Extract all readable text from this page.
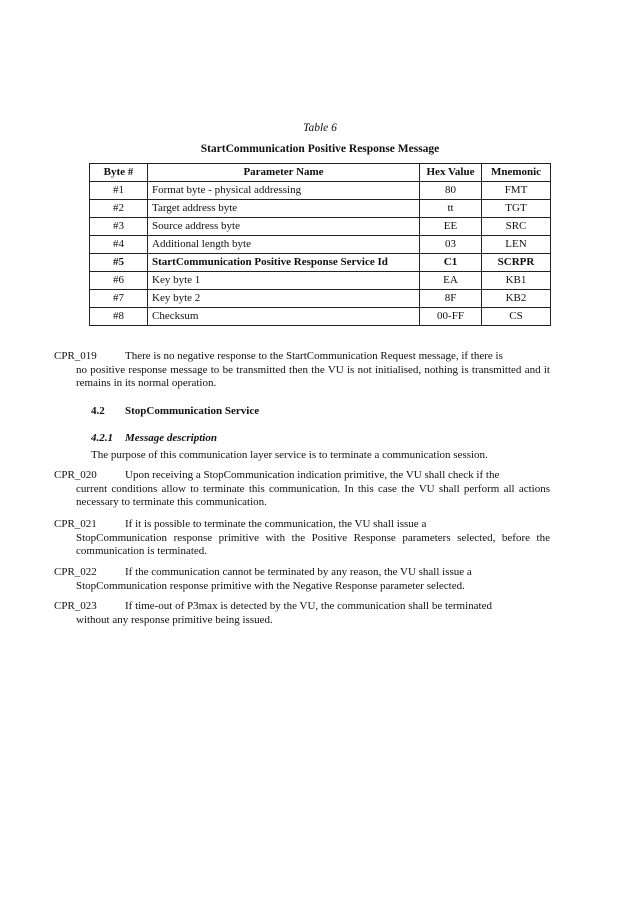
Table 6
StartCommunication Positive Response Message
Byte #	Parameter Name	Hex Value	Mnemonic
#1	Format byte - physical addressing	80	FMT
#2	Target address byte	tt	TGT
#3	Source address byte	EE	SRC
#4	Additional length byte	03	LEN
#5	StartCommunication Positive Response Service Id	C1	SCRPR
#6	Key byte 1	EA	KB1
#7	Key byte 2	8F	KB2
#8	Checksum	00-FF	CS
CPR_019	There is no negative response to the StartCommunication Request message, if there is
no positive response message to be transmitted then the VU is not initialised, nothing is transmitted and it remains in its normal operation.
4.2 StopCommunication Service
4.2.1 Message description
The purpose of this communication layer service is to terminate a communication session.
CPR_020	Upon receiving a StopCommunication indication primitive, the VU shall check if the
current conditions allow to terminate this communication. In this case the VU shall perform all actions necessary to terminate this communication.
CPR_021	If it is possible to terminate the communication, the VU shall issue a
StopCommunication response primitive with the Positive Response parameters selected, before the communication is terminated.
CPR_022	If the communication cannot be terminated by any reason, the VU shall issue a
StopCommunication response primitive with the Negative Response parameter selected.
CPR_023	If time-out of P3max is detected by the VU, the communication shall be terminated
without any response primitive being issued.
